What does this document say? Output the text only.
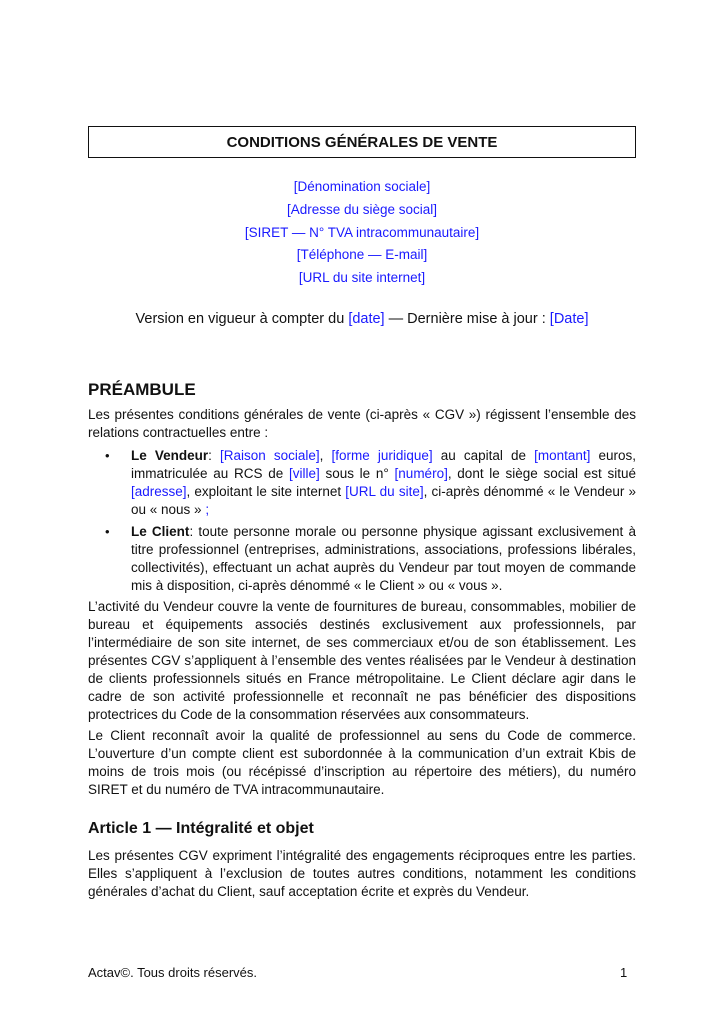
CONDITIONS GÉNÉRALES DE VENTE
[Dénomination sociale]
[Adresse du siège social]
[SIRET — N° TVA intracommunautaire]
[Téléphone — E-mail]
[URL du site internet]
Version en vigueur à compter du [date] — Dernière mise à jour : [Date]
PRÉAMBULE

Les présentes conditions générales de vente (ci-après « CGV ») régissent l’ensemble des relations contractuelles entre :

• Le Vendeur: [Raison sociale], [forme juridique] au capital de [montant] euros, immatriculée au RCS de [ville] sous le n° [numéro], dont le siège social est situé [adresse], exploitant le site internet [URL du site], ci-après dénommé « le Vendeur » ou « nous » ;
• Le Client: toute personne morale ou personne physique agissant exclusivement à titre professionnel (entreprises, administrations, associations, professions libérales, collectivités), effectuant un achat auprès du Vendeur par tout moyen de commande mis à disposition, ci-après dénommé « le Client » ou « vous ».

L’activité du Vendeur couvre la vente de fournitures de bureau, consommables, mobilier de bureau et équipements associés destinés exclusivement aux professionnels, par l’intermédiaire de son site internet, de ses commerciaux et/ou de son établissement. Les présentes CGV s’appliquent à l’ensemble des ventes réalisées par le Vendeur à destination de clients professionnels situés en France métropolitaine. Le Client déclare agir dans le cadre de son activité professionnelle et reconnaît ne pas bénéficier des dispositions protectrices du Code de la consommation réservées aux consommateurs.

Le Client reconnaît avoir la qualité de professionnel au sens du Code de commerce. L’ouverture d’un compte client est subordonnée à la communication d’un extrait Kbis de moins de trois mois (ou récépissé d’inscription au répertoire des métiers), du numéro SIRET et du numéro de TVA intracommunautaire.

Article 1 — Intégralité et objet

Les présentes CGV expriment l’intégralité des engagements réciproques entre les parties. Elles s’appliquent à l’exclusion de toutes autres conditions, notamment les conditions générales d’achat du Client, sauf acceptation écrite et exprès du Vendeur.

Actav©. Tous droits réservés.	1
